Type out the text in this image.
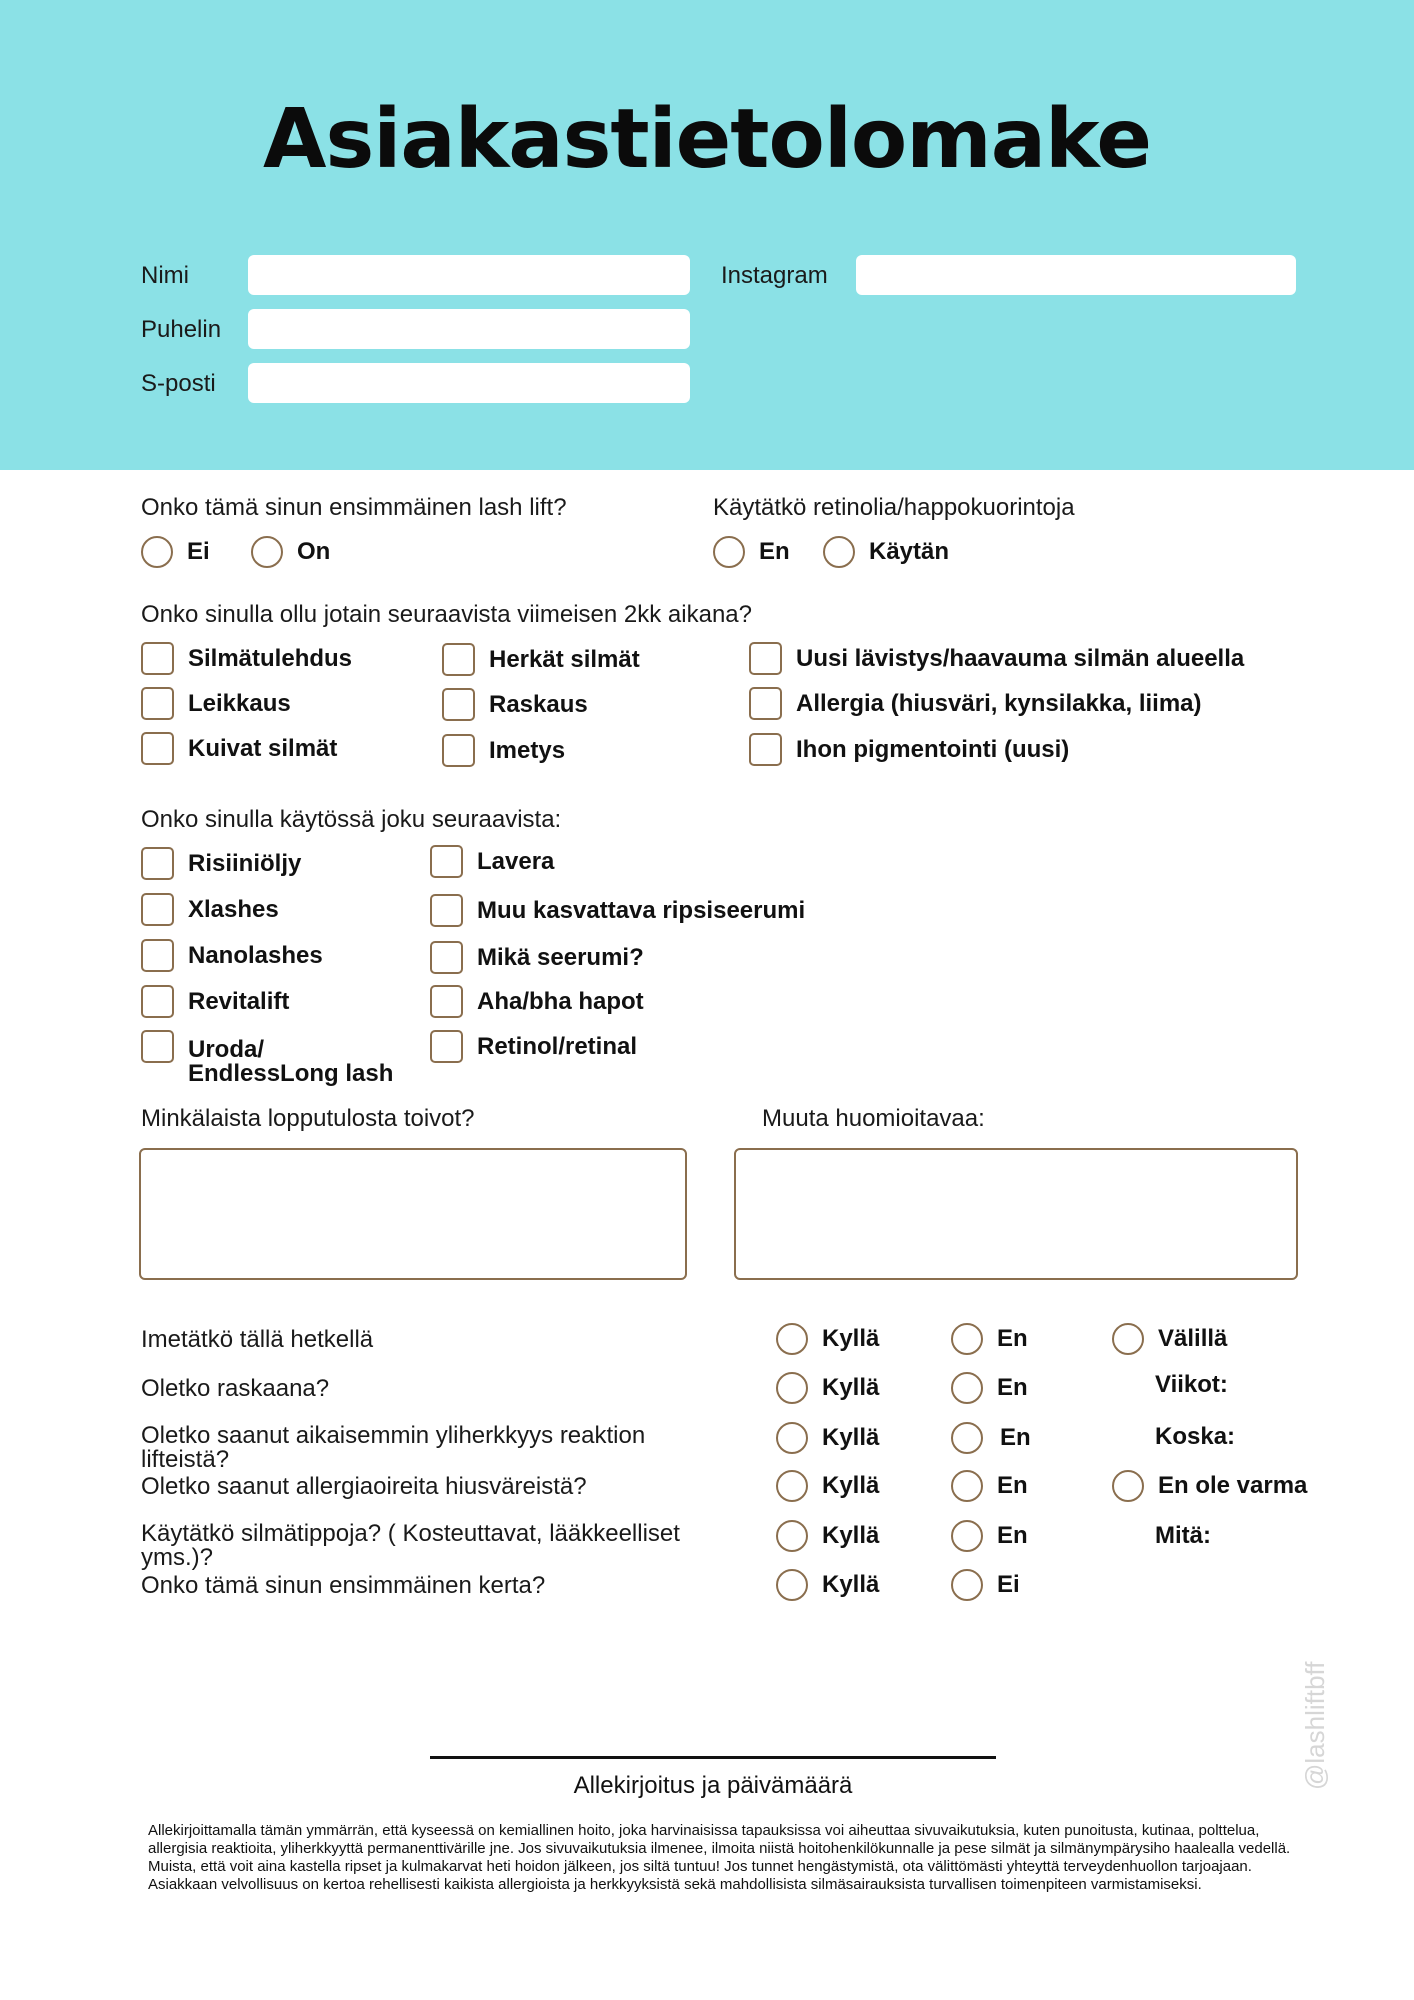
Asiakastietolomake
Nimi
Puhelin
S-posti
Instagram
Onko tämä sinun ensimmäinen lash lift?
Ei	On
Käytätkö retinolia/happokuorintoja
En	Käytän
Onko sinulla ollu jotain seuraavista viimeisen 2kk aikana?
Silmätulehdus
Leikkaus
Kuivat silmät
Herkät silmät
Raskaus
Imetys
Uusi lävistys/haavauma silmän alueella
Allergia (hiusväri, kynsilakka, liima)
Ihon pigmentointi (uusi)
Onko sinulla käytössä joku seuraavista:
Risiiniöljy
Xlashes
Nanolashes
Revitalift
Uroda/
EndlessLong lash
Lavera
Muu kasvattava ripsiseerumi
Mikä seerumi?
Aha/bha hapot
Retinol/retinal
Minkälaista lopputulosta toivot?	Muuta huomioitavaa:
Imetätkö tällä hetkellä	Kyllä	En	Välillä
Oletko raskaana?	Kyllä	En	Viikot:
Oletko saanut aikaisemmin yliherkkyys reaktion
lifteistä?
Kyllä	En	Koska:
Oletko saanut allergiaoireita hiusväreistä?	Kyllä	En	En ole varma
Käytätkö silmätippoja? ( Kosteuttavat, lääkkeelliset
yms.)?
Kyllä	En	Mitä:
Onko tämä sinun ensimmäinen kerta?	Kyllä	Ei
Allekirjoitus ja päivämäärä
Allekirjoittamalla tämän ymmärrän, että kyseessä on kemiallinen hoito, joka harvinaisissa tapauksissa voi aiheuttaa sivuvaikutuksia, kuten punoitusta, kutinaa, polttelua, allergisia reaktioita, yliherkkyyttä permanenttivärille jne. Jos sivuvaikutuksia ilmenee, ilmoita niistä hoitohenkilökunnalle ja pese silmät ja silmänympärysiho haalealla vedellä. Muista, että voit aina kastella ripset ja kulmakarvat heti hoidon jälkeen, jos siltä tuntuu! Jos tunnet hengästymistä, ota välittömästi yhteyttä terveydenhuollon tarjoajaan. Asiakkaan velvollisuus on kertoa rehellisesti kaikista allergioista ja herkkyyksistä sekä mahdollisista silmäsairauksista turvallisen toimenpiteen varmistamiseksi.
@lashliftbff
